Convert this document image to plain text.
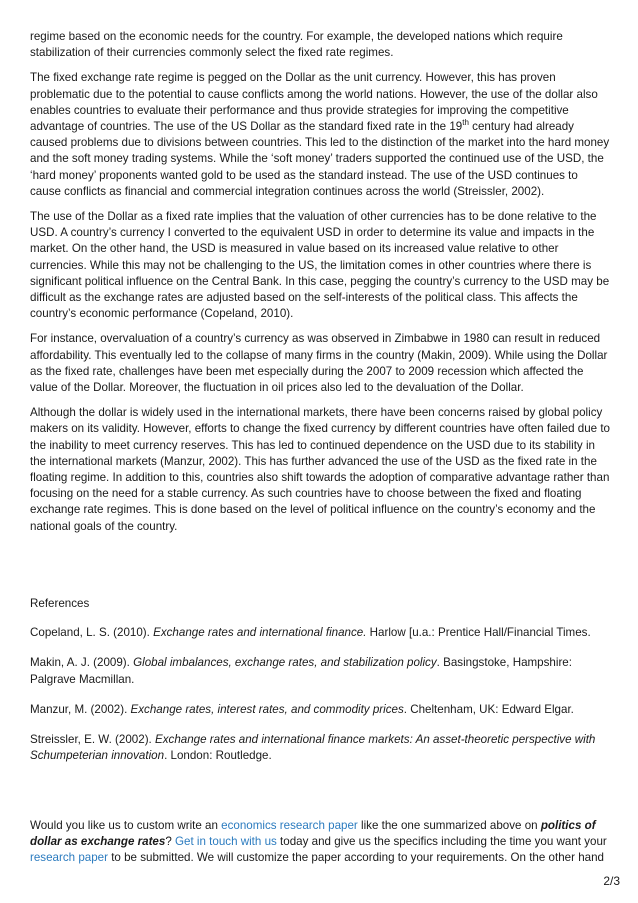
regime based on the economic needs for the country. For example, the developed nations which require stabilization of their currencies commonly select the fixed rate regimes.

The fixed exchange rate regime is pegged on the Dollar as the unit currency. However, this has proven problematic due to the potential to cause conflicts among the world nations. However, the use of the dollar also enables countries to evaluate their performance and thus provide strategies for improving the competitive advantage of countries. The use of the US Dollar as the standard fixed rate in the 19th century had already caused problems due to divisions between countries. This led to the distinction of the market into the hard money and the soft money trading systems. While the ‘soft money’ traders supported the continued use of the USD, the ‘hard money’ proponents wanted gold to be used as the standard instead. The use of the USD continues to cause conflicts as financial and commercial integration continues across the world (Streissler, 2002).

The use of the Dollar as a fixed rate implies that the valuation of other currencies has to be done relative to the USD. A country’s currency I converted to the equivalent USD in order to determine its value and impacts in the market. On the other hand, the USD is measured in value based on its increased value relative to other currencies. While this may not be challenging to the US, the limitation comes in other countries where there is significant political influence on the Central Bank. In this case, pegging the country’s currency to the USD may be difficult as the exchange rates are adjusted based on the self-interests of the political class. This affects the country’s economic performance (Copeland, 2010).

For instance, overvaluation of a country’s currency as was observed in Zimbabwe in 1980 can result in reduced affordability. This eventually led to the collapse of many firms in the country (Makin, 2009). While using the Dollar as the fixed rate, challenges have been met especially during the 2007 to 2009 recession which affected the value of the Dollar. Moreover, the fluctuation in oil prices also led to the devaluation of the Dollar.

Although the dollar is widely used in the international markets, there have been concerns raised by global policy makers on its validity. However, efforts to change the fixed currency by different countries have often failed due to the inability to meet currency reserves. This has led to continued dependence on the USD due to its stability in the international markets (Manzur, 2002). This has further advanced the use of the USD as the fixed rate in the floating regime. In addition to this, countries also shift towards the adoption of comparative advantage rather than focusing on the need for a stable currency. As such countries have to choose between the fixed and floating exchange rate regimes. This is done based on the level of political influence on the country’s economy and the national goals of the country.

References

Copeland, L. S. (2010). Exchange rates and international finance. Harlow [u.a.: Prentice Hall/Financial Times.

Makin, A. J. (2009). Global imbalances, exchange rates, and stabilization policy. Basingstoke, Hampshire: Palgrave Macmillan.

Manzur, M. (2002). Exchange rates, interest rates, and commodity prices. Cheltenham, UK: Edward Elgar.

Streissler, E. W. (2002). Exchange rates and international finance markets: An asset-theoretic perspective with Schumpeterian innovation. London: Routledge.

Would you like us to custom write an economics research paper like the one summarized above on politics of dollar as exchange rates? Get in touch with us today and give us the specifics including the time you want your research paper to be submitted. We will customize the paper according to your requirements. On the other hand

2/3
